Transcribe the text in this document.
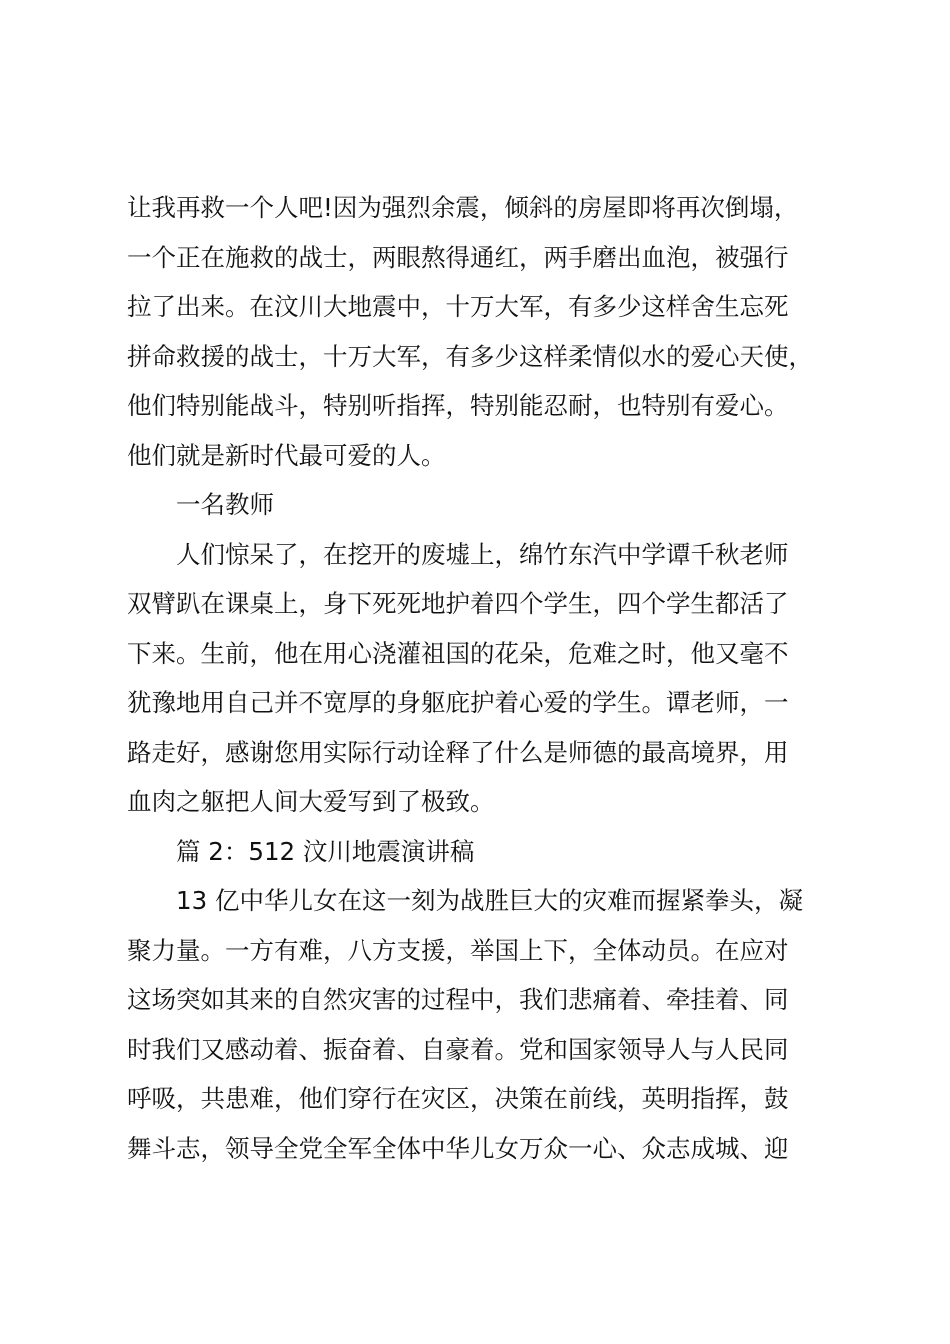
让我再救一个人吧!因为强烈余震，倾斜的房屋即将再次倒塌，
一个正在施救的战士，两眼熬得通红，两手磨出血泡，被强行
拉了出来。在汶川大地震中，十万大军，有多少这样舍生忘死
拼命救援的战士，十万大军，有多少这样柔情似水的爱心天使，
他们特别能战斗，特别听指挥，特别能忍耐，也特别有爱心。
他们就是新时代最可爱的人。
一名教师
人们惊呆了，在挖开的废墟上，绵竹东汽中学谭千秋老师
双臂趴在课桌上，身下死死地护着四个学生，四个学生都活了
下来。生前，他在用心浇灌祖国的花朵，危难之时，他又毫不
犹豫地用自己并不宽厚的身躯庇护着心爱的学生。谭老师，一
路走好，感谢您用实际行动诠释了什么是师德的最高境界，用
血肉之躯把人间大爱写到了极致。
篇 2：512 汶川地震演讲稿
13 亿中华儿女在这一刻为战胜巨大的灾难而握紧拳头，凝
聚力量。一方有难，八方支援，举国上下，全体动员。在应对
这场突如其来的自然灾害的过程中，我们悲痛着、牵挂着、同
时我们又感动着、振奋着、自豪着。党和国家领导人与人民同
呼吸，共患难，他们穿行在灾区，决策在前线，英明指挥，鼓
舞斗志，领导全党全军全体中华儿女万众一心、众志成城、迎
